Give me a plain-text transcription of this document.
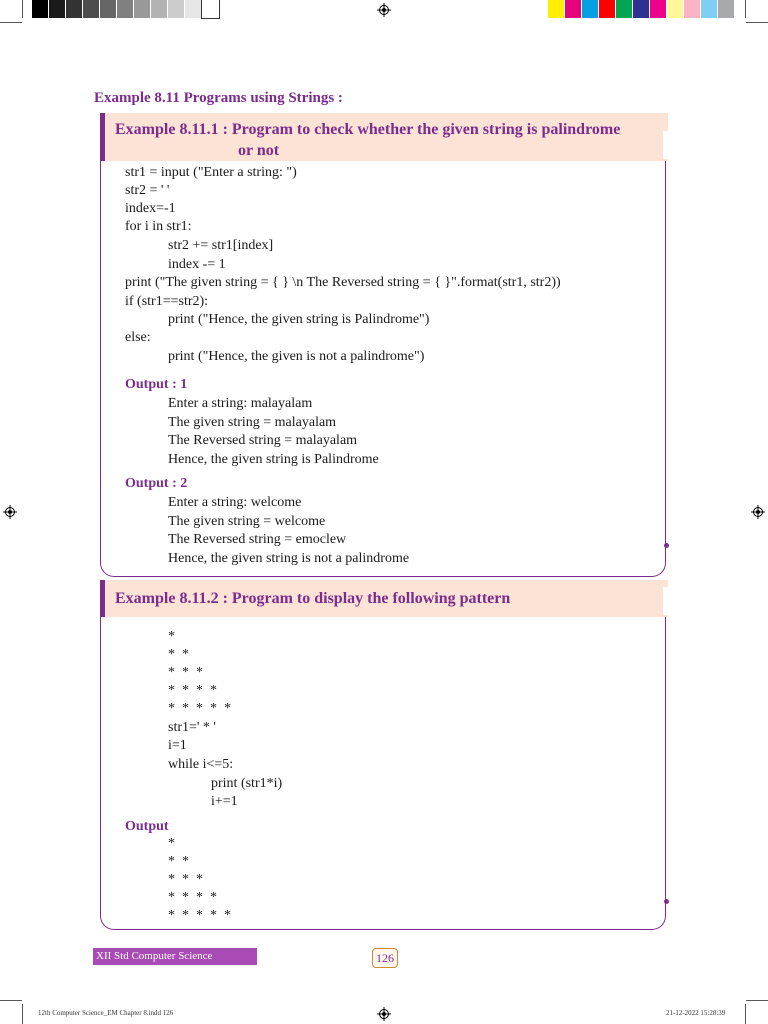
Example 8.11 Programs using Strings :
Example 8.11.1 : Program to check whether the given string is palindrome
or not
str1 = input ("Enter a string: ")
str2 = ' '
index=-1
for i in str1:
str2 += str1[index]
index -= 1
print ("The given string = { } \n The Reversed string = { }".format(str1, str2))
if (str1==str2):
print ("Hence, the given string is Palindrome")
else:
print ("Hence, the given is not a palindrome")
Output : 1
Enter a string: malayalam
The given string = malayalam
The Reversed string = malayalam
Hence, the given string is Palindrome
Output : 2
Enter a string: welcome
The given string = welcome
The Reversed string = emoclew
Hence, the given string is not a palindrome
Example 8.11.2 : Program to display the following pattern
*
*  *
*  *  *
*  *  *  *
*  *  *  *  *
str1=' * '
i=1
while i<=5:
print (str1*i)
i+=1
Output
*
*  *
*  *  *
*  *  *  *
*  *  *  *  *
XII Std Computer Science	126
12th Computer Science_EM Chapter 8.indd 126	21-12-2022 15:28:39
